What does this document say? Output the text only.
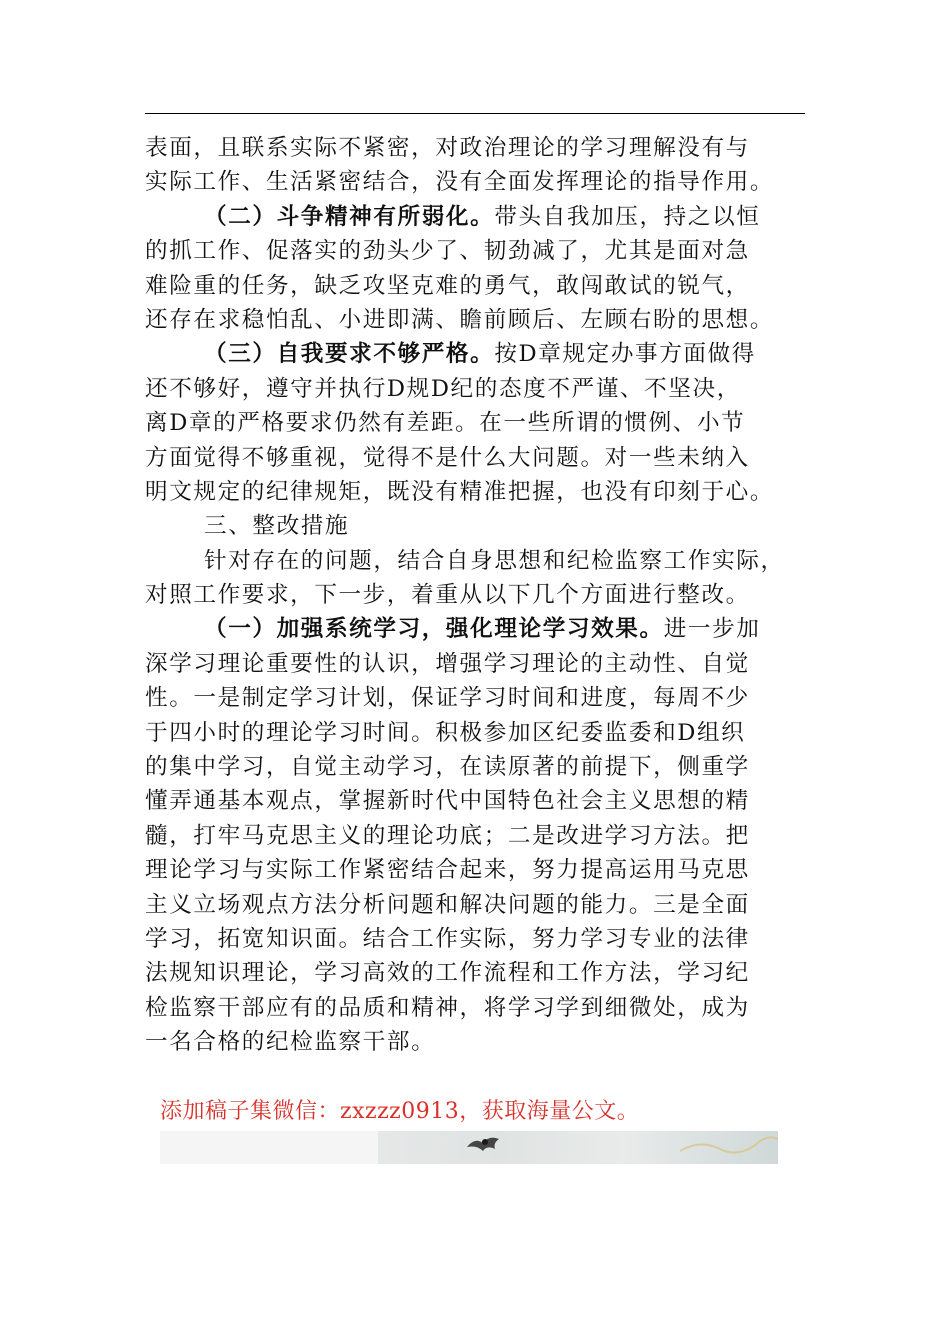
表面，且联系实际不紧密，对政治理论的学习理解没有与
实际工作、生活紧密结合，没有全面发挥理论的指导作用。
（二）斗争精神有所弱化。带头自我加压，持之以恒
的抓工作、促落实的劲头少了、韧劲减了，尤其是面对急
难险重的任务，缺乏攻坚克难的勇气，敢闯敢试的锐气，
还存在求稳怕乱、小进即满、瞻前顾后、左顾右盼的思想。
（三）自我要求不够严格。按D章规定办事方面做得
还不够好，遵守并执行D规D纪的态度不严谨、不坚决，
离D章的严格要求仍然有差距。在一些所谓的惯例、小节
方面觉得不够重视，觉得不是什么大问题。对一些未纳入
明文规定的纪律规矩，既没有精准把握，也没有印刻于心。
三、整改措施
针对存在的问题，结合自身思想和纪检监察工作实际，
对照工作要求，下一步，着重从以下几个方面进行整改。
（一）加强系统学习，强化理论学习效果。进一步加
深学习理论重要性的认识，增强学习理论的主动性、自觉
性。一是制定学习计划，保证学习时间和进度，每周不少
于四小时的理论学习时间。积极参加区纪委监委和D组织
的集中学习，自觉主动学习，在读原著的前提下，侧重学
懂弄通基本观点，掌握新时代中国特色社会主义思想的精
髓，打牢马克思主义的理论功底；二是改进学习方法。把
理论学习与实际工作紧密结合起来，努力提高运用马克思
主义立场观点方法分析问题和解决问题的能力。三是全面
学习，拓宽知识面。结合工作实际，努力学习专业的法律
法规知识理论，学习高效的工作流程和工作方法，学习纪
检监察干部应有的品质和精神，将学习学到细微处，成为
一名合格的纪检监察干部。
添加稿子集微信：zxzzz0913，获取海量公文。
